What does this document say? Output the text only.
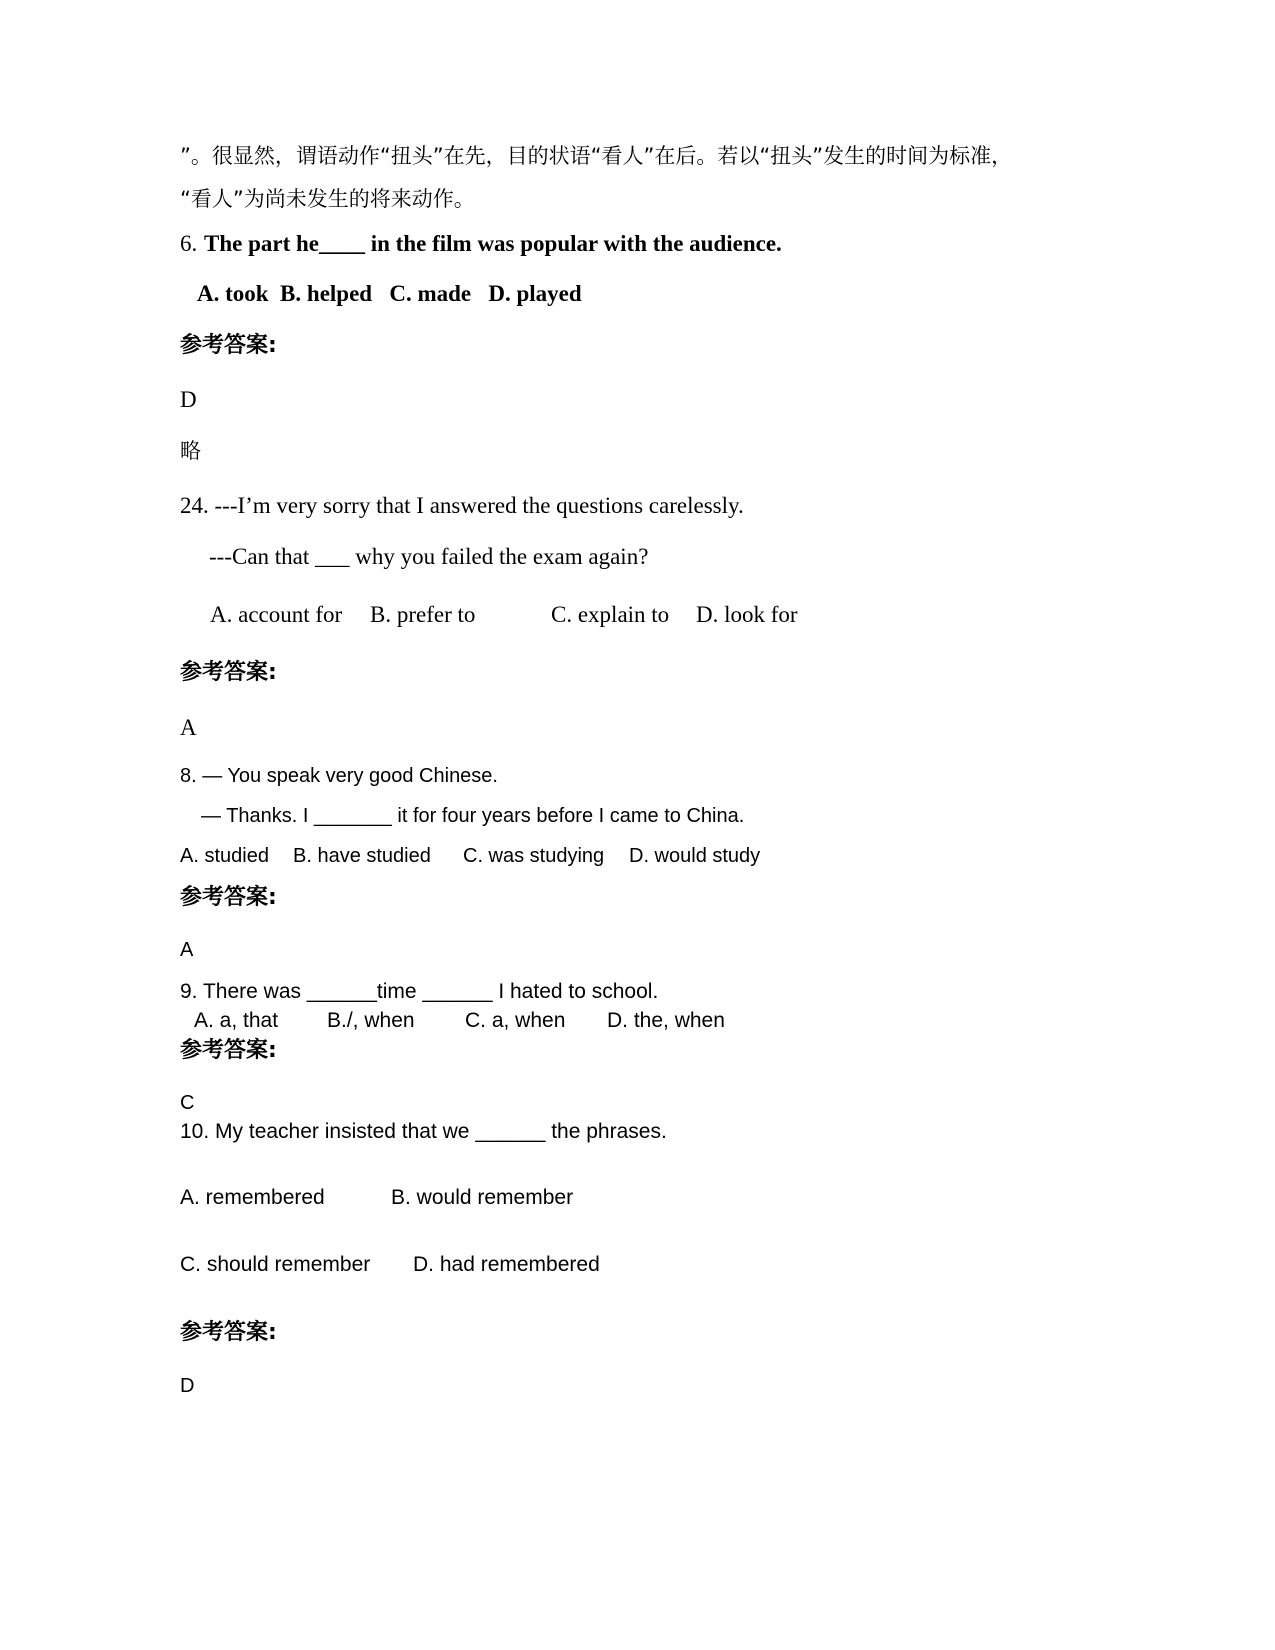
”。很显然，谓语动作“扭头”在先，目的状语“看人”在后。若以“扭头”发生的时间为标准，
“看人”为尚未发生的将来动作。
6. The part he____ in the film was popular with the audience.
A. took  B. helped   C. made   D. played
参考答案:
D
略
24. ---I’m very sorry that I answered the questions carelessly.
---Can that ___ why you failed the exam again?
A. account for B. prefer to	C. explain to D. look for
参考答案:
A
8. — You speak very good Chinese.
— Thanks. I _______ it for four years before I came to China.
A. studied B. have studied C. was studying D. would study
参考答案:
A
9. There was ______time ______ I hated to school.
A. a, that B./, when C. a, when D. the, when
参考答案:
C
10. My teacher insisted that we ______ the phrases.
A. remembered	B. would remember
C. should remember D. had remembered
参考答案:
D
